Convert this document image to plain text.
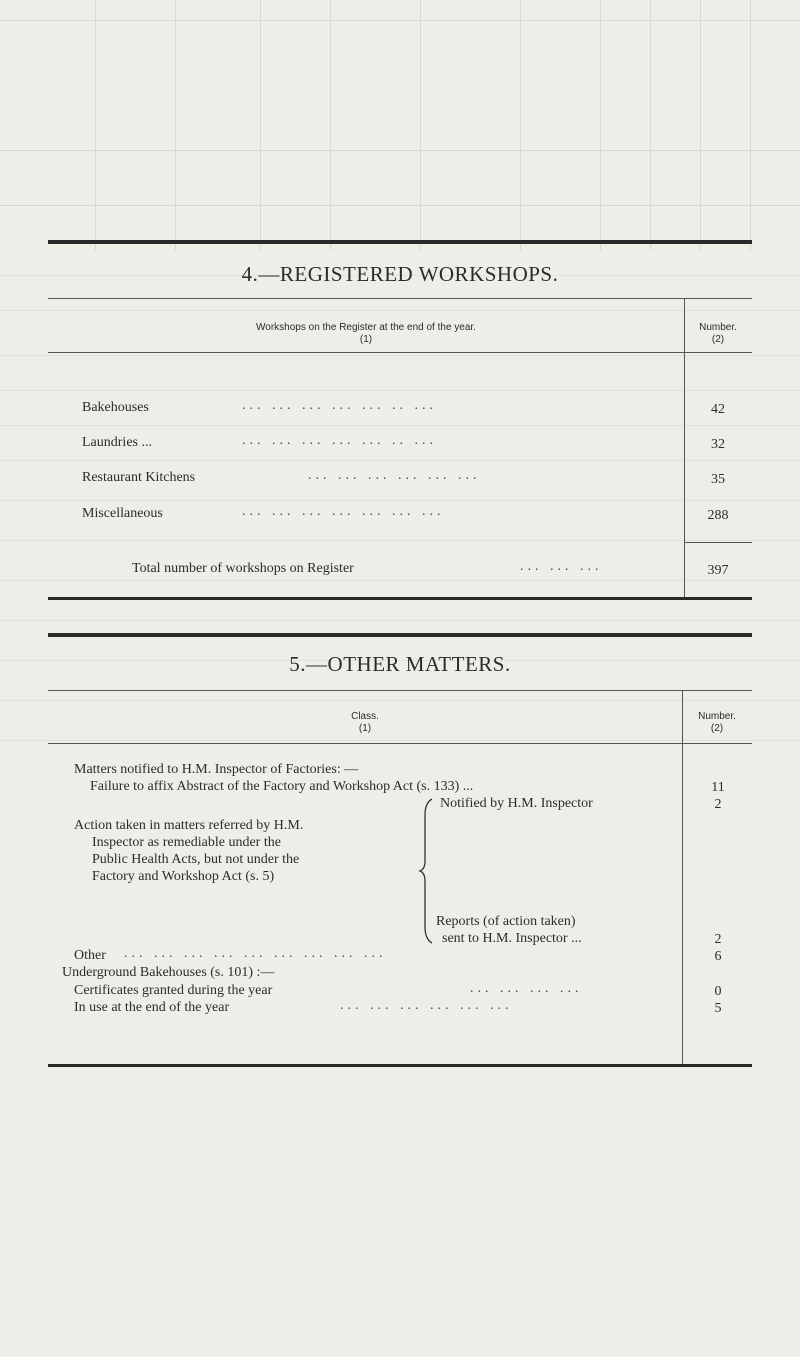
4.—REGISTERED WORKSHOPS.
Workshops on the Register at the end of the year.
(1)
Number.
(2)
Bakehouses	... ... ... ... ... .. ...	42
Laundries ...	... ... ... ... ... .. ...	32
Restaurant Kitchens	... ... ... ... ... ...	35
Miscellaneous	... ... ... ... ... ... ...	288
Total number of workshops on Register	... ... ...	397
5.—OTHER MATTERS.
Class.
(1)
Number.
(2)
Matters notified to H.M. Inspector of Factories: —
Failure to affix Abstract of the Factory and Workshop Act (s. 133) ...	11
Action taken in matters referred by H.M.
Inspector as remediable under the
Public Health Acts, but not under the
Factory and Workshop Act (s. 5)
Notified by H.M. Inspector	2
Reports (of action taken)
sent to H.M. Inspector ...	2
Other ... ... ... ... ... ... ... ... ...	6
Underground Bakehouses (s. 101) :—
Certificates granted during the year	... ... ... ...	0
In use at the end of the year	... ... ... ... ... ...	5
